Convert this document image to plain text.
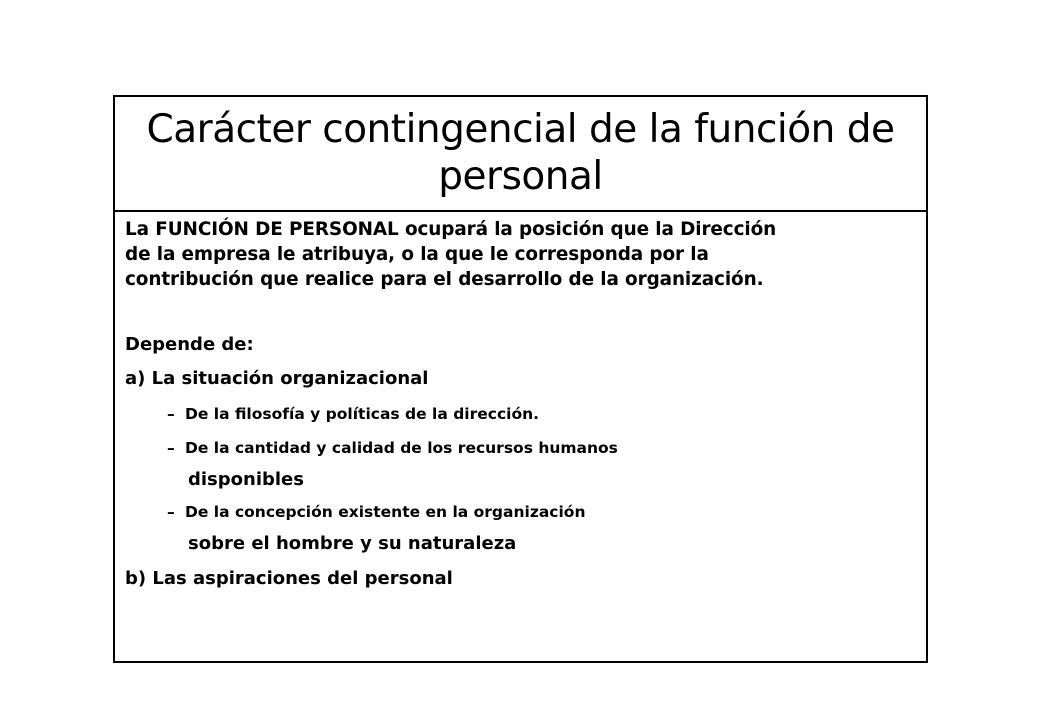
Carácter contingencial de la función de personal

La FUNCIÓN DE PERSONAL ocupará la posición que la Dirección

de la empresa le atribuya, o la que le corresponda por la

contribución que realice para el desarrollo de la organización.

Depende de:

a) La situación organizacional

– De la filosofía y políticas de la dirección.

– De la cantidad y calidad de los recursos humanos

disponibles

– De la concepción existente en la organización

sobre el hombre y su naturaleza

b) Las aspiraciones del personal
